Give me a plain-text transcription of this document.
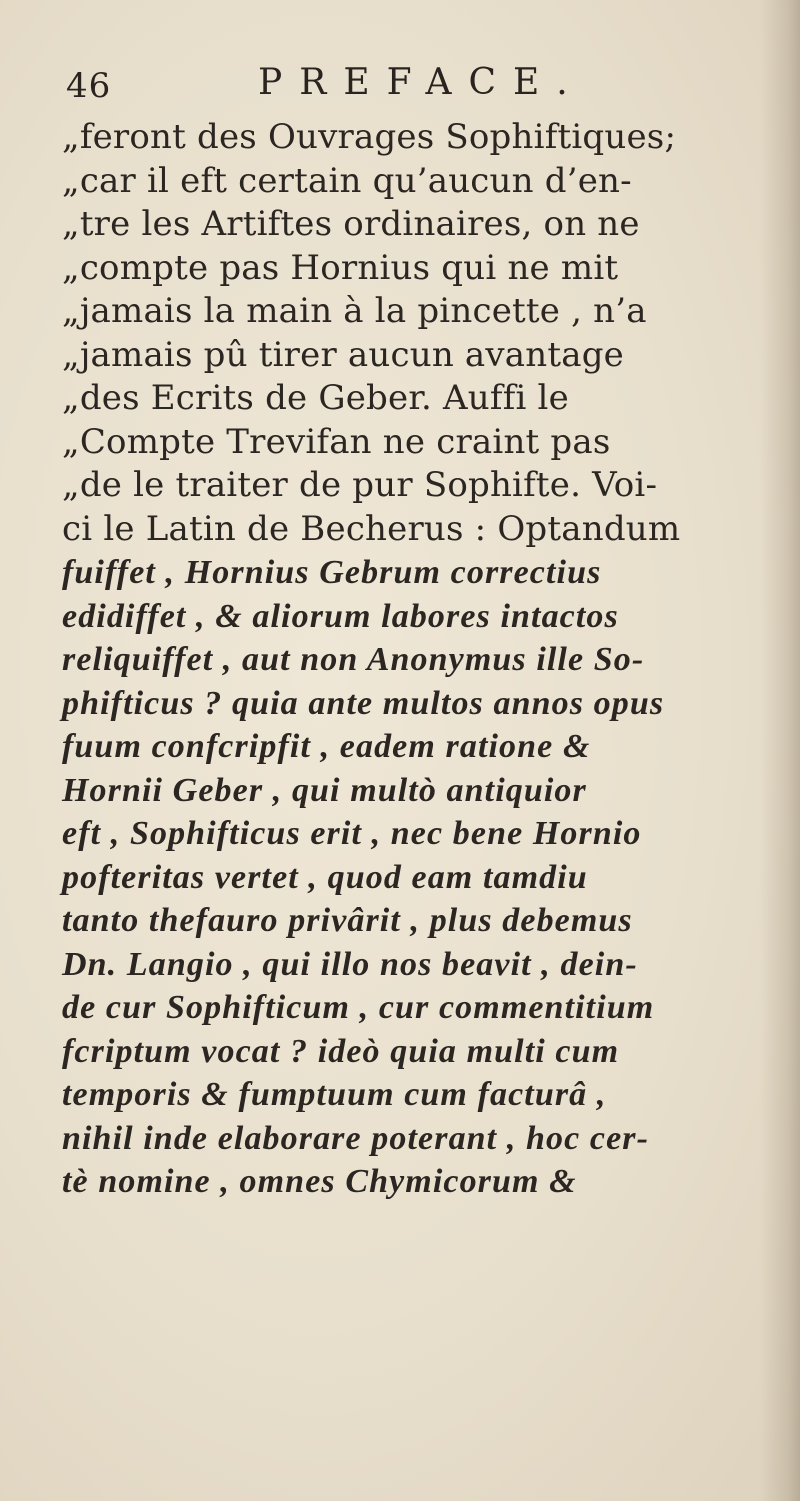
46	PREFACE.
„feront des Ouvrages Sophiftiques;
„car il eft certain qu’aucun d’en-
„tre les Artiftes ordinaires, on ne
„compte pas Hornius qui ne mit
„jamais la main à la pincette , n’a
„jamais pû tirer aucun avantage
„des Ecrits de Geber. Auffi le
„Compte Trevifan ne craint pas
„de le traiter de pur Sophifte. Voi-
ci le Latin de Becherus : Optandum
fuiffet , Hornius Gebrum correctius
edidiffet , & aliorum labores intactos
reliquiffet , aut non Anonymus ille So-
phifticus ? quia ante multos annos opus
fuum confcripfit , eadem ratione &
Hornii Geber , qui multò antiquior
eft , Sophifticus erit , nec bene Hornio
pofteritas vertet , quod eam tamdiu
tanto thefauro privârit , plus debemus
Dn. Langio , qui illo nos beavit , dein-
de cur Sophifticum , cur commentitium
fcriptum vocat ? ideò quia multi cum
temporis & fumptuum cum facturâ ,
nihil inde elaborare poterant , hoc cer-
tè nomine , omnes Chymicorum &
